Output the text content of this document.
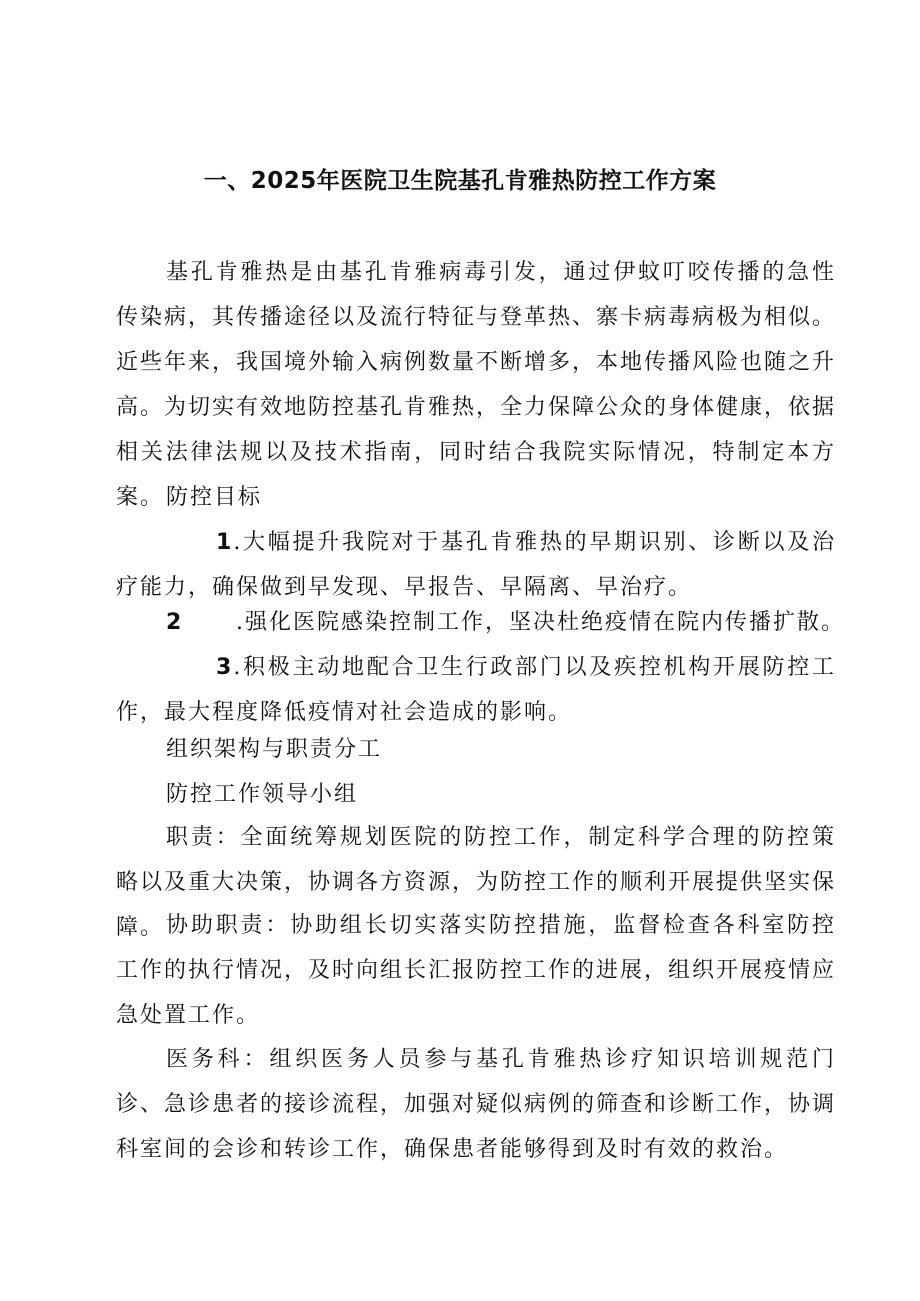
一、2025年医院卫生院基孔肯雅热防控工作方案

基孔肯雅热是由基孔肯雅病毒引发，通过伊蚊叮咬传播的急性传染病，其传播途径以及流行特征与登革热、寨卡病毒病极为相似。近些年来，我国境外输入病例数量不断增多，本地传播风险也随之升高。为切实有效地防控基孔肯雅热，全力保障公众的身体健康，依据相关法律法规以及技术指南，同时结合我院实际情况，特制定本方案。 防控目标

1.大幅提升我院对于基孔肯雅热的早期识别、诊断以及治疗能力，确保做到早发现、早报告、早隔离、早治疗。

2 .强化医院感染控制工作，坚决杜绝疫情在院内传播扩散。

3.积极主动地配合卫生行政部门以及疾控机构开展防控工作，最大程度降低疫情对社会造成的影响。

组织架构与职责分工
防控工作领导小组

职责：全面统筹规划医院的防控工作，制定科学合理的防控策略以及重大决策，协调各方资源，为防控工作的顺利开展提供坚实保障。 协助职责：协助组长切实落实防控措施，监督检查各科室防控工作的执行情况，及时向组长汇报防控工作的进展，组织开展疫情应急处置工作。

医务科：组织医务人员参与基孔肯雅热诊疗知识培训规范门诊、急诊患者的接诊流程，加强对疑似病例的筛查和诊断工作，协调科室间的会诊和转诊工作，确保患者能够得到及时有效的救治。
